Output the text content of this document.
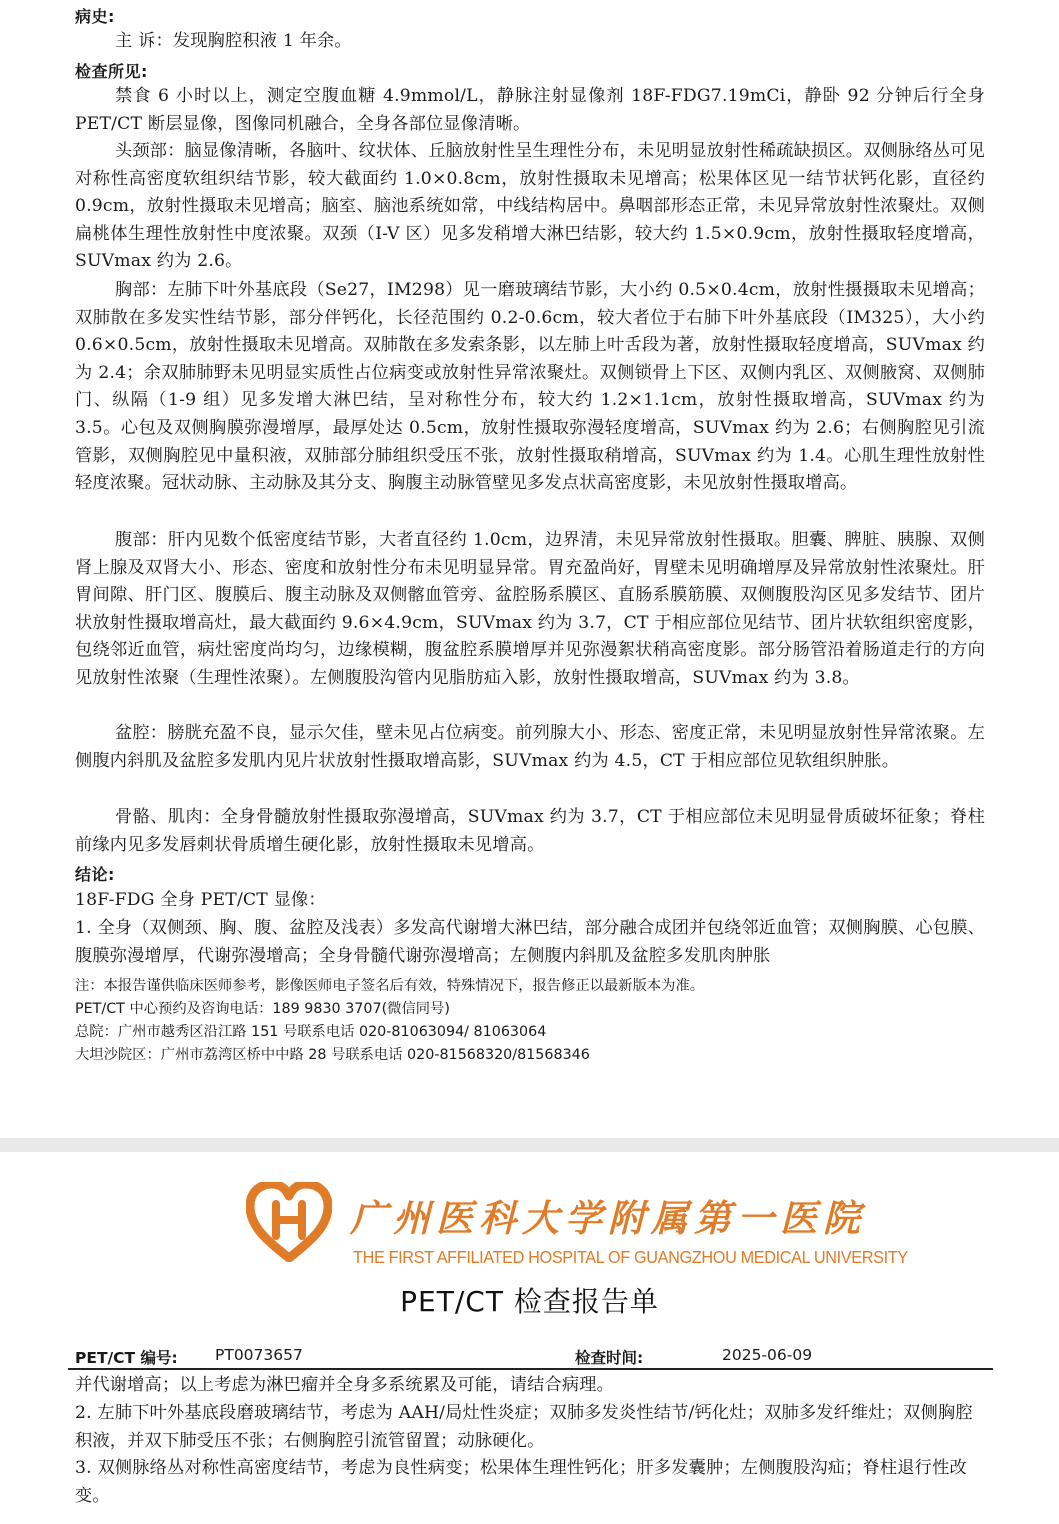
病史:

主 诉：发现胸腔积液 1 年余。

检查所见:

禁食 6 小时以上，测定空腹血糖 4.9mmol/L，静脉注射显像剂 18F-FDG7.19mCi，静卧 92 分钟后行全身 PET/CT 断层显像，图像同机融合，全身各部位显像清晰。

头颈部：脑显像清晰，各脑叶、纹状体、丘脑放射性呈生理性分布，未见明显放射性稀疏缺损区。双侧脉络丛可见对称性高密度软组织结节影，较大截面约 1.0×0.8cm，放射性摄取未见增高；松果体区见一结节状钙化影，直径约 0.9cm，放射性摄取未见增高；脑室、脑池系统如常，中线结构居中。鼻咽部形态正常，未见异常放射性浓聚灶。双侧扁桃体生理性放射性中度浓聚。双颈（I-V 区）见多发稍增大淋巴结影，较大约 1.5×0.9cm，放射性摄取轻度增高，SUVmax 约为 2.6。

胸部：左肺下叶外基底段（Se27，IM298）见一磨玻璃结节影，大小约 0.5×0.4cm，放射性摄摄取未见增高；双肺散在多发实性结节影，部分伴钙化，长径范围约 0.2-0.6cm，较大者位于右肺下叶外基底段（IM325），大小约 0.6×0.5cm，放射性摄取未见增高。双肺散在多发索条影，以左肺上叶舌段为著，放射性摄取轻度增高，SUVmax 约为 2.4；余双肺肺野未见明显实质性占位病变或放射性异常浓聚灶。双侧锁骨上下区、双侧内乳区、双侧腋窝、双侧肺门、纵隔（1-9 组）见多发增大淋巴结，呈对称性分布，较大约 1.2×1.1cm，放射性摄取增高，SUVmax 约为 3.5。心包及双侧胸膜弥漫增厚，最厚处达 0.5cm，放射性摄取弥漫轻度增高，SUVmax 约为 2.6；右侧胸腔见引流管影，双侧胸腔见中量积液，双肺部分肺组织受压不张，放射性摄取稍增高，SUVmax 约为 1.4。心肌生理性放射性轻度浓聚。冠状动脉、主动脉及其分支、胸腹主动脉管壁见多发点状高密度影，未见放射性摄取增高。

腹部：肝内见数个低密度结节影，大者直径约 1.0cm，边界清，未见异常放射性摄取。胆囊、脾脏、胰腺、双侧肾上腺及双肾大小、形态、密度和放射性分布未见明显异常。胃充盈尚好，胃壁未见明确增厚及异常放射性浓聚灶。肝胃间隙、肝门区、腹膜后、腹主动脉及双侧髂血管旁、盆腔肠系膜区、直肠系膜筋膜、双侧腹股沟区见多发结节、团片状放射性摄取增高灶，最大截面约 9.6×4.9cm，SUVmax 约为 3.7，CT 于相应部位见结节、团片状软组织密度影，包绕邻近血管，病灶密度尚均匀，边缘模糊，腹盆腔系膜增厚并见弥漫絮状稍高密度影。部分肠管沿着肠道走行的方向见放射性浓聚（生理性浓聚）。左侧腹股沟管内见脂肪疝入影，放射性摄取增高，SUVmax 约为 3.8。

盆腔：膀胱充盈不良，显示欠佳，壁未见占位病变。前列腺大小、形态、密度正常，未见明显放射性异常浓聚。左侧腹内斜肌及盆腔多发肌内见片状放射性摄取增高影，SUVmax 约为 4.5，CT 于相应部位见软组织肿胀。

骨骼、肌肉：全身骨髓放射性摄取弥漫增高，SUVmax 约为 3.7，CT 于相应部位未见明显骨质破坏征象；脊柱前缘内见多发唇刺状骨质增生硬化影，放射性摄取未见增高。

结论:

18F-FDG 全身 PET/CT 显像：

1. 全身（双侧颈、胸、腹、盆腔及浅表）多发高代谢增大淋巴结，部分融合成团并包绕邻近血管；双侧胸膜、心包膜、腹膜弥漫增厚，代谢弥漫增高；全身骨髓代谢弥漫增高；左侧腹内斜肌及盆腔多发肌肉肿胀

注：本报告谨供临床医师参考，影像医师电子签名后有效，特殊情况下，报告修正以最新版本为准。

PET/CT 中心预约及咨询电话：189 9830 3707(微信同号)

总院：广州市越秀区沿江路 151 号联系电话 020-81063094/ 81063064

大坦沙院区：广州市荔湾区桥中中路 28 号联系电话 020-81568320/81568346

广州医科大学附属第一医院

THE FIRST AFFILIATED HOSPITAL OF GUANGZHOU MEDICAL UNIVERSITY

PET/CT 检查报告单

PET/CT 编号: PT0073657	检查时间:	2025-06-09

并代谢增高；以上考虑为淋巴瘤并全身多系统累及可能，请结合病理。

2. 左肺下叶外基底段磨玻璃结节，考虑为 AAH/局灶性炎症；双肺多发炎性结节/钙化灶；双肺多发纤维灶；双侧胸腔积液，并双下肺受压不张；右侧胸腔引流管留置；动脉硬化。

3. 双侧脉络丛对称性高密度结节，考虑为良性病变；松果体生理性钙化；肝多发囊肿；左侧腹股沟疝；脊柱退行性改变。
